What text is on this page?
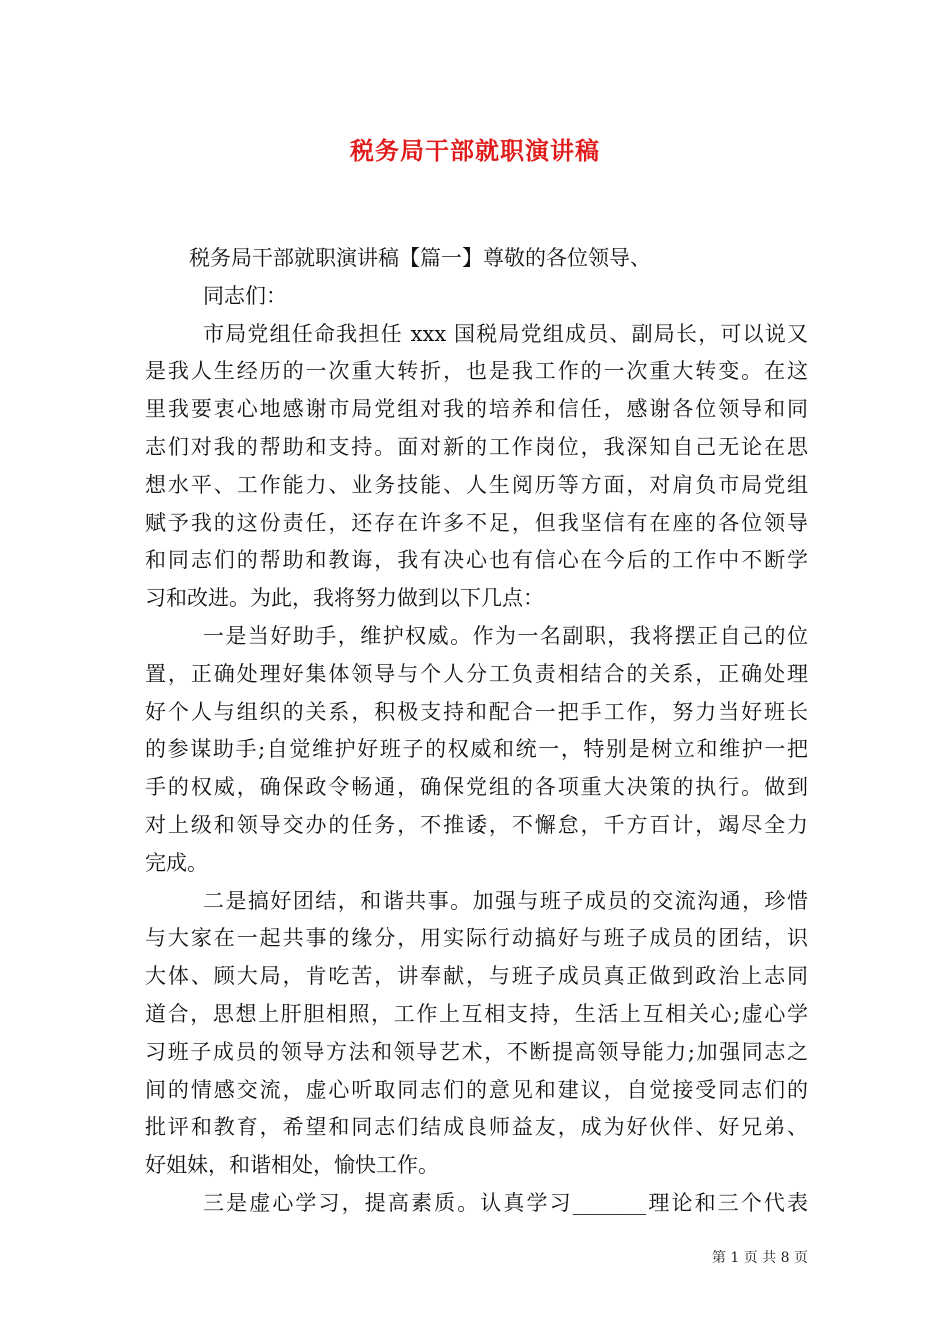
税务局干部就职演讲稿
税务局干部就职演讲稿【篇一】尊敬的各位领导、
同志们：
市局党组任命我担任 xxx 国税局党组成员、副局长，可以说又
是我人生经历的一次重大转折，也是我工作的一次重大转变。在这
里我要衷心地感谢市局党组对我的培养和信任，感谢各位领导和同
志们对我的帮助和支持。面对新的工作岗位，我深知自己无论在思
想水平、工作能力、业务技能、人生阅历等方面，对肩负市局党组
赋予我的这份责任，还存在许多不足，但我坚信有在座的各位领导
和同志们的帮助和教诲，我有决心也有信心在今后的工作中不断学
习和改进。为此，我将努力做到以下几点：
一是当好助手，维护权威。作为一名副职，我将摆正自己的位
置，正确处理好集体领导与个人分工负责相结合的关系，正确处理
好个人与组织的关系，积极支持和配合一把手工作，努力当好班长
的参谋助手;自觉维护好班子的权威和统一，特别是树立和维护一把
手的权威，确保政令畅通，确保党组的各项重大决策的执行。做到
对上级和领导交办的任务，不推诿，不懈怠，千方百计，竭尽全力
完成。
二是搞好团结，和谐共事。加强与班子成员的交流沟通，珍惜
与大家在一起共事的缘分，用实际行动搞好与班子成员的团结，识
大体、顾大局，肯吃苦，讲奉献，与班子成员真正做到政治上志同
道合，思想上肝胆相照，工作上互相支持，生活上互相关心;虚心学
习班子成员的领导方法和领导艺术，不断提高领导能力;加强同志之
间的情感交流，虚心听取同志们的意见和建议，自觉接受同志们的
批评和教育，希望和同志们结成良师益友，成为好伙伴、好兄弟、
好姐妹，和谐相处，愉快工作。
三是虚心学习，提高素质。认真学习_______理论和三个代表
第 1 页 共 8 页
